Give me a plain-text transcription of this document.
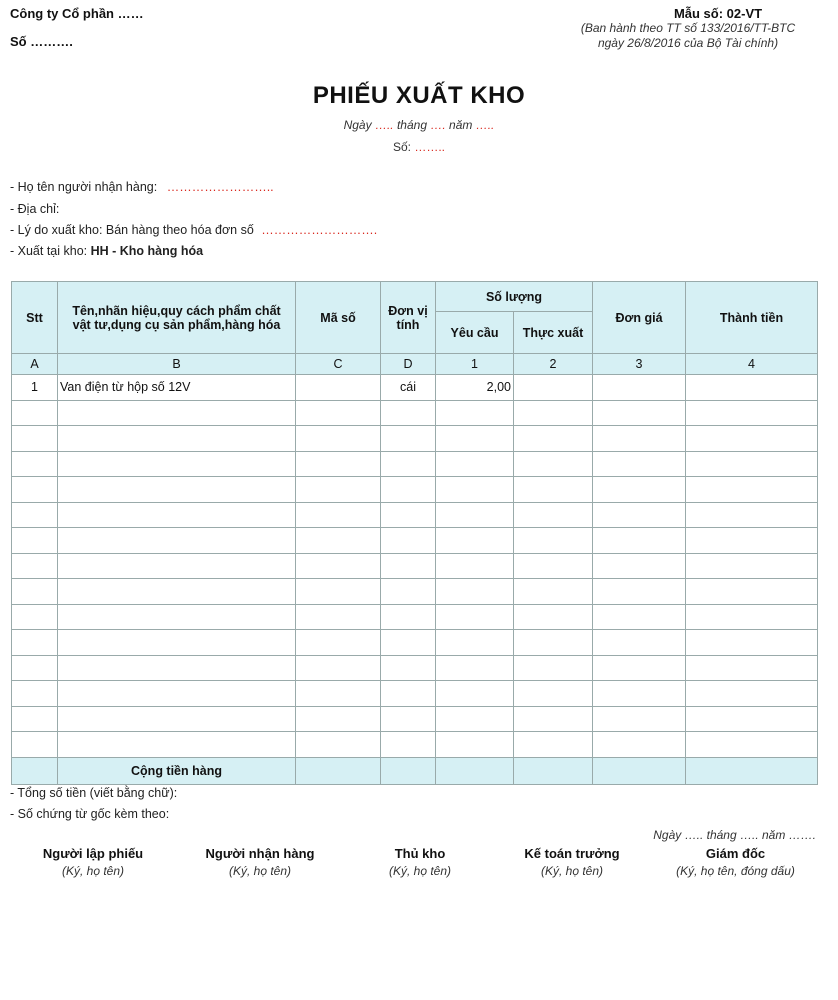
Công ty Cổ phần ……
Số ……….
Mẫu số: 02-VT
(Ban hành theo TT số 133/2016/TT-BTC
ngày 26/8/2016 của Bộ Tài chính)
PHIẾU XUẤT KHO
Ngày ….. tháng …. năm …..
Số: ……..
- Họ tên người nhận hàng: ……………………..
- Địa chỉ:
- Lý do xuất kho: Bán hàng theo hóa đơn số ……………………….
- Xuất tại kho: HH - Kho hàng hóa
Stt	Tên,nhãn hiệu,quy cách phẩm chất vật tư,dụng cụ sản phẩm,hàng hóa	Mã số	Đơn vị tính	Số lượng		Đơn giá	Thành tiền
				Yêu cầu	Thực xuất		
A	B	C	D	1	2	3	4
1	Van điện từ hộp số 12V		cái	2,00			

	Cộng tiền hàng						
- Tổng số tiền (viết bằng chữ):
- Số chứng từ gốc kèm theo:
Ngày ….. tháng ….. năm …….
Người lập phiếu
(Ký, họ tên)
Người nhận hàng
(Ký, họ tên)
Thủ kho
(Ký, họ tên)
Kế toán trưởng
(Ký, họ tên)
Giám đốc
(Ký, họ tên, đóng dấu)
